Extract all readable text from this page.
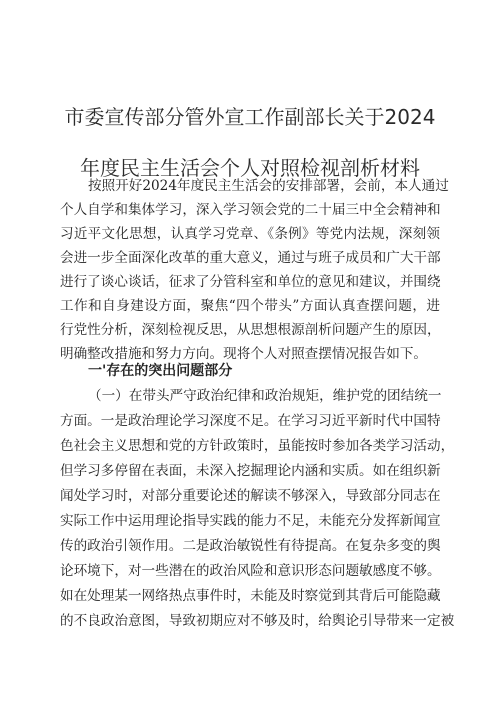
市委宣传部分管外宣工作副部长关于2024
年度民主生活会个人对照检视剖析材料
按照开好2024年度民主生活会的安排部署，会前，本人通过
个人自学和集体学习，深入学习领会党的二十届三中全会精神和
习近平文化思想，认真学习党章、《条例》等党内法规，深刻领
会进一步全面深化改革的重大意义，通过与班子成员和广大干部
进行了谈心谈话，征求了分管科室和单位的意见和建议，并围绕
工作和自身建设方面，聚焦“四个带头”方面认真查摆问题，进
行党性分析，深刻检视反思，从思想根源剖析问题产生的原因，
明确整改措施和努力方向。现将个人对照查摆情况报告如下。
一'存在的突出问题部分
（一）在带头严守政治纪律和政治规矩，维护党的团结统一
方面。一是政治理论学习深度不足。在学习习近平新时代中国特
色社会主义思想和党的方针政策时，虽能按时参加各类学习活动，
但学习多停留在表面，未深入挖掘理论内涵和实质。如在组织新
闻处学习时，对部分重要论述的解读不够深入，导致部分同志在
实际工作中运用理论指导实践的能力不足，未能充分发挥新闻宣
传的政治引领作用。二是政治敏锐性有待提高。在复杂多变的舆
论环境下，对一些潜在的政治风险和意识形态问题敏感度不够。
如在处理某一网络热点事件时，未能及时察觉到其背后可能隐藏
的不良政治意图，导致初期应对不够及时，给舆论引导带来一定被
